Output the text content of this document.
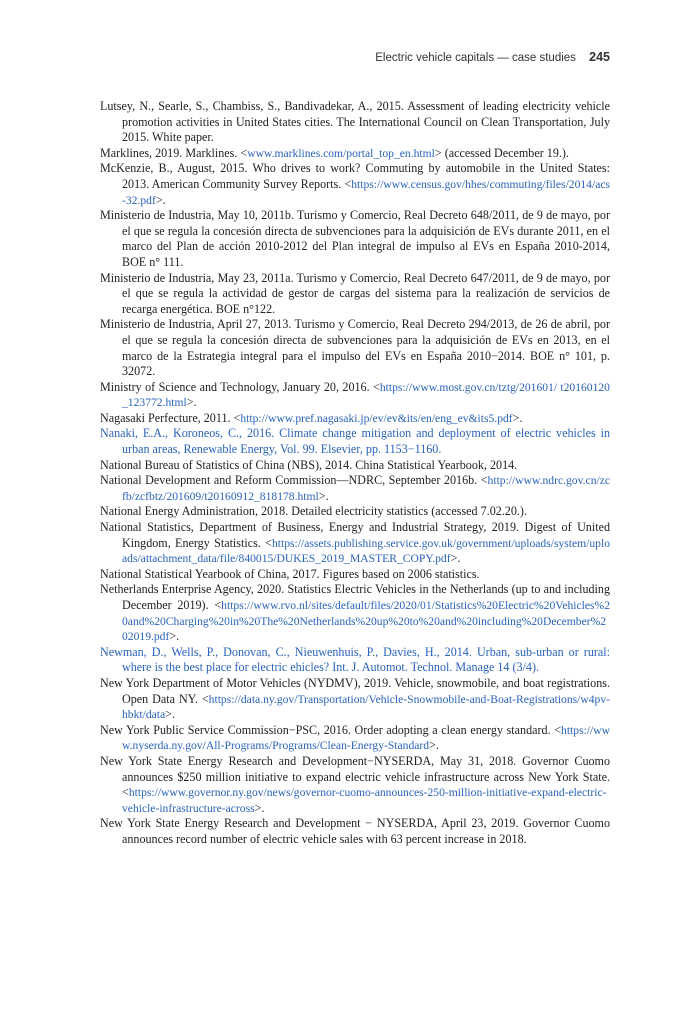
Electric vehicle capitals — case studies 245

Lutsey, N., Searle, S., Chambiss, S., Bandivadekar, A., 2015. Assessment of leading electricity vehicle promotion activities in United States cities. The International Council on Clean Transportation, July 2015. White paper.

Marklines, 2019. Marklines. <www.marklines.com/portal_top_en.html> (accessed December 19.).

McKenzie, B., August, 2015. Who drives to work? Commuting by automobile in the United States: 2013. American Community Survey Reports. <https://www.census.gov/hhes/commuting/files/2014/acs-32.pdf>.

Ministerio de Industria, May 10, 2011b. Turismo y Comercio, Real Decreto 648/2011, de 9 de mayo, por el que se regula la concesión directa de subvenciones para la adquisición de EVs durante 2011, en el marco del Plan de acción 2010-2012 del Plan integral de impulso al EVs en España 2010-2014, BOE n° 111.

Ministerio de Industria, May 23, 2011a. Turismo y Comercio, Real Decreto 647/2011, de 9 de mayo, por el que se regula la actividad de gestor de cargas del sistema para la realización de servicios de recarga energética. BOE n°122.

Ministerio de Industria, April 27, 2013. Turismo y Comercio, Real Decreto 294/2013, de 26 de abril, por el que se regula la concesión directa de subvenciones para la adquisición de EVs en 2013, en el marco de la Estrategia integral para el impulso del EVs en España 2010−2014. BOE n° 101, p. 32072.

Ministry of Science and Technology, January 20, 2016. <https://www.most.gov.cn/tztg/201601/ t20160120_123772.html>.

Nagasaki Perfecture, 2011. <http://www.pref.nagasaki.jp/ev/ev&its/en/eng_ev&its5.pdf>.

Nanaki, E.A., Koroneos, C., 2016. Climate change mitigation and deployment of electric vehicles in urban areas, Renewable Energy, Vol. 99. Elsevier, pp. 1153−1160.

National Bureau of Statistics of China (NBS), 2014. China Statistical Yearbook, 2014.

National Development and Reform Commission—NDRC, September 2016b. <http://www.ndrc.gov.cn/zcfb/zcfbtz/201609/t20160912_818178.html>.

National Energy Administration, 2018. Detailed electricity statistics (accessed 7.02.20.).

National Statistics, Department of Business, Energy and Industrial Strategy, 2019. Digest of United Kingdom, Energy Statistics. <https://assets.publishing.service.gov.uk/government/uploads/system/uploads/attachment_data/file/840015/DUKES_2019_MASTER_COPY.pdf>.

National Statistical Yearbook of China, 2017. Figures based on 2006 statistics.

Netherlands Enterprise Agency, 2020. Statistics Electric Vehicles in the Netherlands (up to and including December 2019). <https://www.rvo.nl/sites/default/files/2020/01/Statistics%20Electric%20Vehicles%20and%20Charging%20in%20The%20Netherlands%20up%20to%20and%20including%20December%202019.pdf>.

Newman, D., Wells, P., Donovan, C., Nieuwenhuis, P., Davies, H., 2014. Urban, sub-urban or rural: where is the best place for electric ehicles? Int. J. Automot. Technol. Manage 14 (3/4).

New York Department of Motor Vehicles (NYDMV), 2019. Vehicle, snowmobile, and boat registrations. Open Data NY. <https://data.ny.gov/Transportation/Vehicle-Snowmobile-and-Boat-Registrations/w4pv-hbkt/data>.

New York Public Service Commission−PSC, 2016. Order adopting a clean energy standard. <https://www.nyserda.ny.gov/All-Programs/Programs/Clean-Energy-Standard>.

New York State Energy Research and Development−NYSERDA, May 31, 2018. Governor Cuomo announces $250 million initiative to expand electric vehicle infrastructure across New York State. <https://www.governor.ny.gov/news/governor-cuomo-announces-250-million-initiative-expand-electric-vehicle-infrastructure-across>.

New York State Energy Research and Development − NYSERDA, April 23, 2019. Governor Cuomo announces record number of electric vehicle sales with 63 percent increase in 2018.
